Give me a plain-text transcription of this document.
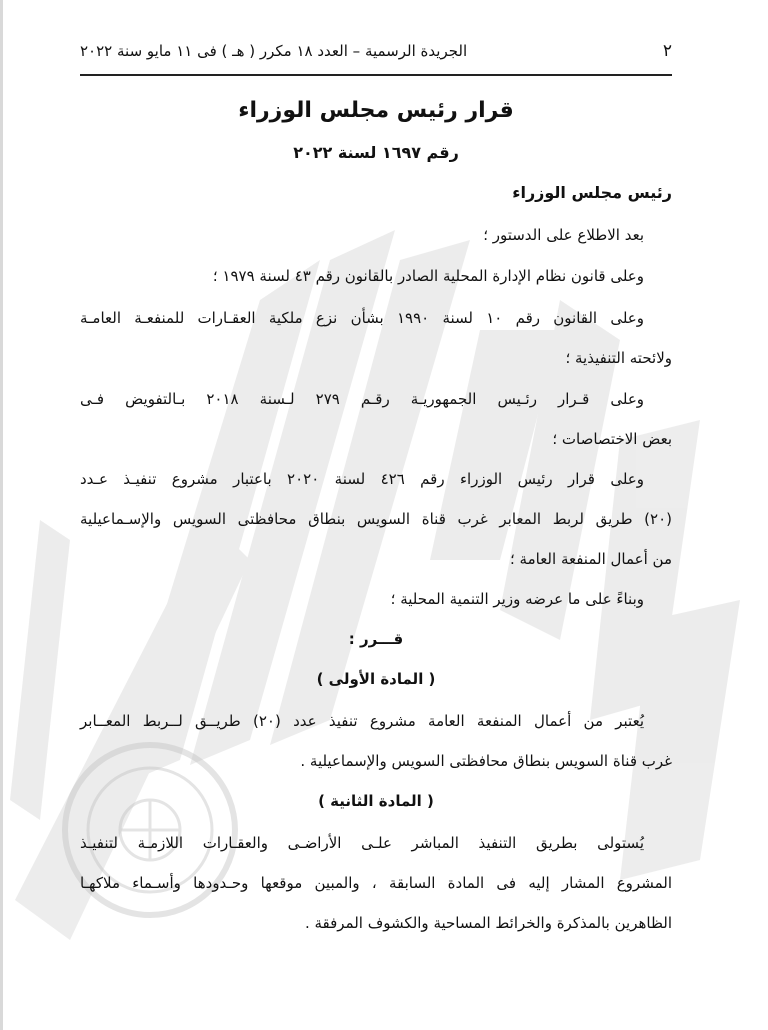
٢
الجريدة الرسمية – العدد ١٨ مكرر ( هـ ) فى ١١ مايو سنة ٢٠٢٢
قرار رئيس مجلس الوزراء
رقم ١٦٩٧ لسنة ٢٠٢٢
رئيس مجلس الوزراء
بعد الاطلاع على الدستور ؛
وعلى قانون نظام الإدارة المحلية الصادر بالقانون رقم ٤٣ لسنة ١٩٧٩ ؛
وعلى القانون رقم ١٠ لسنة ١٩٩٠ بشأن نزع ملكية العقـارات للمنفعـة العامـة
ولائحته التنفيذية ؛
وعلى قـرار رئـيس الجمهوريـة رقـم ٢٧٩ لـسنة ٢٠١٨ بـالتفويض فـى
بعض الاختصاصات ؛
وعلى قرار رئيس الوزراء رقم ٤٢٦ لسنة ٢٠٢٠ باعتبار مشروع تنفيـذ عـدد
(٢٠) طريق لربط المعابر غرب قناة السويس بنطاق محافظتى السويس والإسـماعيلية
من أعمال المنفعة العامة ؛
وبناءً على ما عرضه وزير التنمية المحلية ؛
قـــرر :
( المادة الأولى )
يُعتبر من أعمال المنفعة العامة مشروع تنفيذ عدد (٢٠) طريــق لــربط المعــابر
غرب قناة السويس بنطاق محافظتى السويس والإسماعيلية .
( المادة الثانية )
يُستولى بطريق التنفيذ المباشر علـى الأراضـى والعقـارات اللازمـة لتنفيـذ
المشروع المشار إليه فى المادة السابقة ، والمبين موقعها وحـدودها وأسـماء ملاكهـا
الظاهرين بالمذكرة والخرائط المساحية والكشوف المرفقة .
